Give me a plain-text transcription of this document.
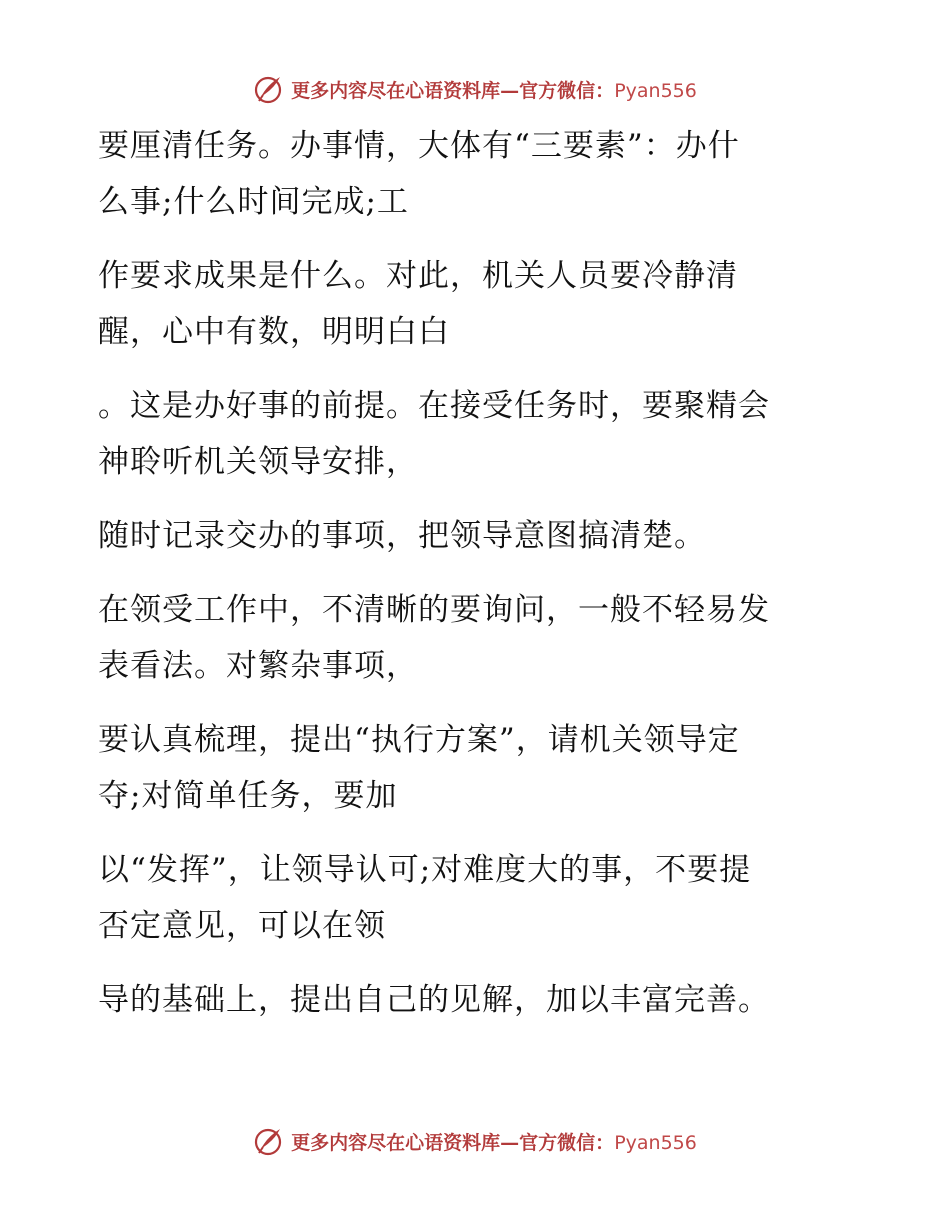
更多内容尽在心语资料库—官方微信：Pyan556

要厘清任务。办事情，大体有“三要素”：办什
么事;什么时间完成;工

作要求成果是什么。对此，机关人员要冷静清
醒，心中有数，明明白白

。这是办好事的前提。在接受任务时，要聚精会
神聆听机关领导安排，

随时记录交办的事项，把领导意图搞清楚。

在领受工作中，不清晰的要询问，一般不轻易发
表看法。对繁杂事项，

要认真梳理，提出“执行方案”，请机关领导定
夺;对简单任务，要加

以“发挥”，让领导认可;对难度大的事，不要提
否定意见，可以在领

导的基础上，提出自己的见解，加以丰富完善。

更多内容尽在心语资料库—官方微信：Pyan556
